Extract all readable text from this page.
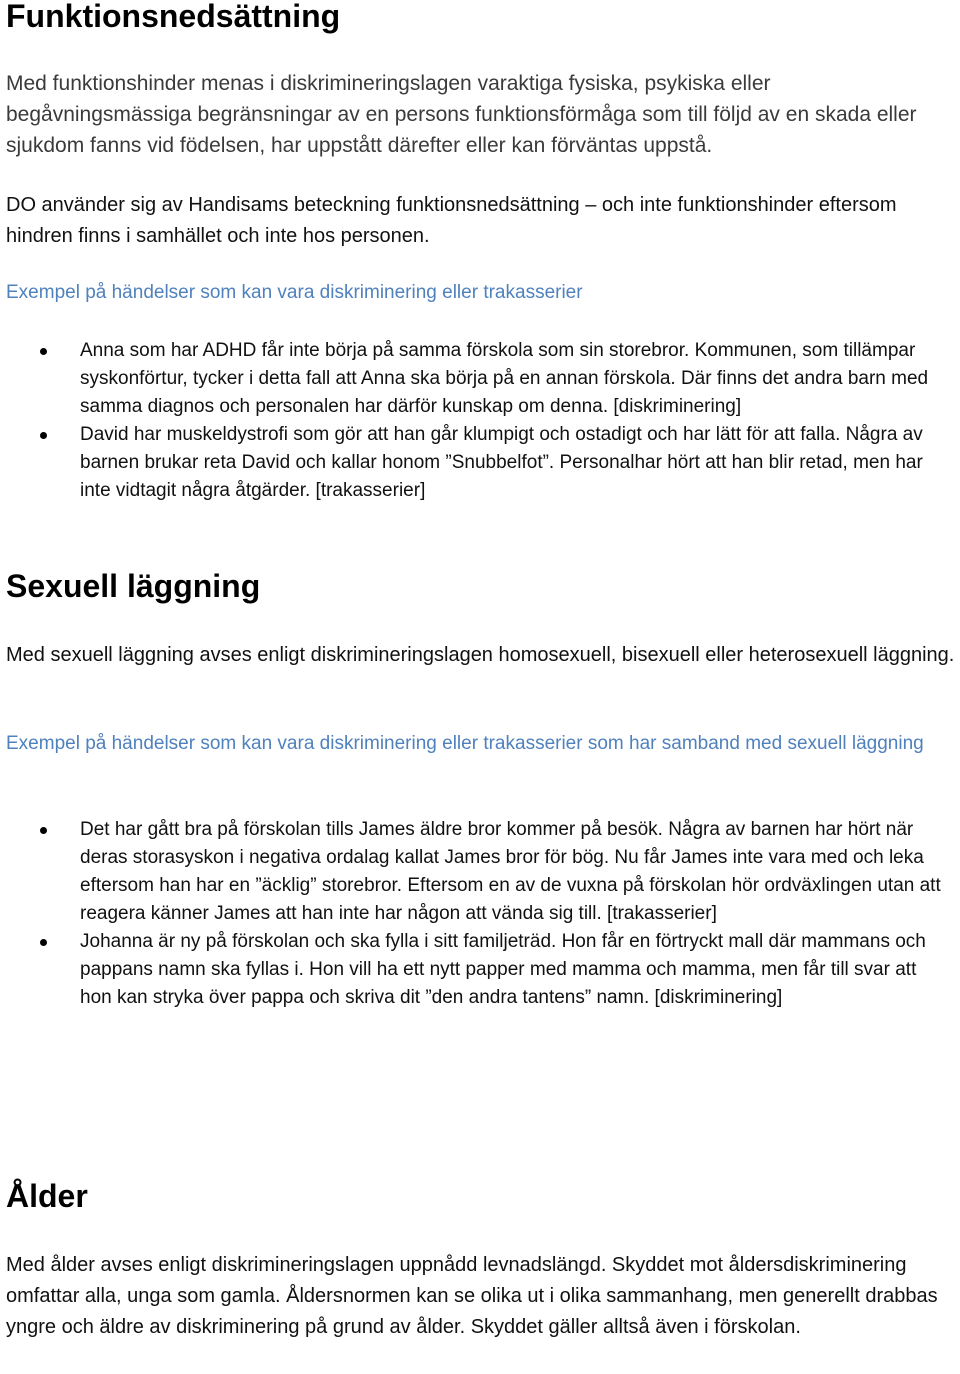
Funktionsnedsättning

Med funktionshinder menas i diskrimineringslagen varaktiga fysiska, psykiska eller begåvningsmässiga begränsningar av en persons funktionsförmåga som till följd av en skada eller sjukdom fanns vid födelsen, har uppstått därefter eller kan förväntas uppstå.

DO använder sig av Handisams beteckning funktionsnedsättning – och inte funktionshinder eftersom hindren finns i samhället och inte hos personen.

Exempel på händelser som kan vara diskriminering eller trakasserier

Anna som har ADHD får inte börja på samma förskola som sin storebror. Kommunen, som tillämpar syskonförtur, tycker i detta fall att Anna ska börja på en annan förskola. Där finns det andra barn med samma diagnos och personalen har därför kunskap om denna. [diskriminering]
David har muskeldystrofi som gör att han går klumpigt och ostadigt och har lätt för att falla. Några av barnen brukar reta David och kallar honom ”Snubbelfot”. Personalhar hört att han blir retad, men har inte vidtagit några åtgärder. [trakasserier]
Sexuell läggning

Med sexuell läggning avses enligt diskrimineringslagen homosexuell, bisexuell eller heterosexuell läggning.

Exempel på händelser som kan vara diskriminering eller trakasserier som har samband med sexuell läggning

Det har gått bra på förskolan tills James äldre bror kommer på besök. Några av barnen har hört när deras storasyskon i negativa ordalag kallat James bror för bög. Nu får James inte vara med och leka eftersom han har en ”äcklig” storebror. Eftersom en av de vuxna på förskolan hör ordväxlingen utan att reagera känner James att han inte har någon att vända sig till. [trakasserier]
Johanna är ny på förskolan och ska fylla i sitt familjeträd. Hon får en förtryckt mall där mammans och pappans namn ska fyllas i. Hon vill ha ett nytt papper med mamma och mamma, men får till svar att hon kan stryka över pappa och skriva dit ”den andra tantens” namn. [diskriminering]
Ålder

Med ålder avses enligt diskrimineringslagen uppnådd levnadslängd. Skyddet mot åldersdiskriminering omfattar alla, unga som gamla. Åldersnormen kan se olika ut i olika sammanhang, men generellt drabbas yngre och äldre av diskriminering på grund av ålder. Skyddet gäller alltså även i förskolan.
